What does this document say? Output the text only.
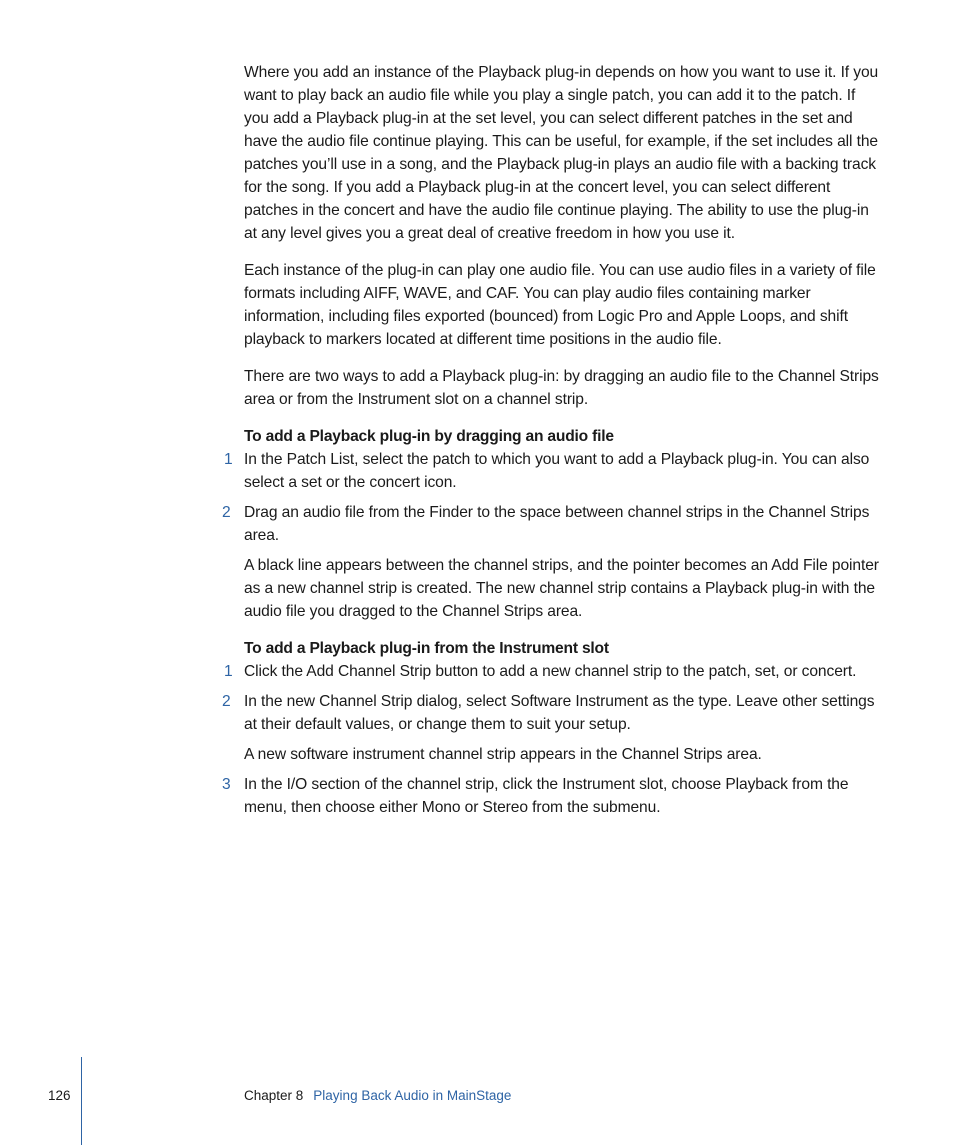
Where you add an instance of the Playback plug-in depends on how you want to use it. If you want to play back an audio file while you play a single patch, you can add it to the patch. If you add a Playback plug-in at the set level, you can select different patches in the set and have the audio file continue playing. This can be useful, for example, if the set includes all the patches you’ll use in a song, and the Playback plug-in plays an audio file with a backing track for the song. If you add a Playback plug-in at the concert level, you can select different patches in the concert and have the audio file continue playing. The ability to use the plug-in at any level gives you a great deal of creative freedom in how you use it.

Each instance of the plug-in can play one audio file. You can use audio files in a variety of file formats including AIFF, WAVE, and CAF. You can play audio files containing marker information, including files exported (bounced) from Logic Pro and Apple Loops, and shift playback to markers located at different time positions in the audio file.

There are two ways to add a Playback plug-in: by dragging an audio file to the Channel Strips area or from the Instrument slot on a channel strip.

To add a Playback plug-in by dragging an audio file

1 In the Patch List, select the patch to which you want to add a Playback plug-in. You can also select a set or the concert icon.
2 Drag an audio file from the Finder to the space between channel strips in the Channel Strips area.

A black line appears between the channel strips, and the pointer becomes an Add File pointer as a new channel strip is created. The new channel strip contains a Playback plug-in with the audio file you dragged to the Channel Strips area.

To add a Playback plug-in from the Instrument slot

1 Click the Add Channel Strip button to add a new channel strip to the patch, set, or concert.
2 In the new Channel Strip dialog, select Software Instrument as the type. Leave other settings at their default values, or change them to suit your setup.

A new software instrument channel strip appears in the Channel Strips area.

3 In the I/O section of the channel strip, click the Instrument slot, choose Playback from the menu, then choose either Mono or Stereo from the submenu.
126	Chapter 8 Playing Back Audio in MainStage
